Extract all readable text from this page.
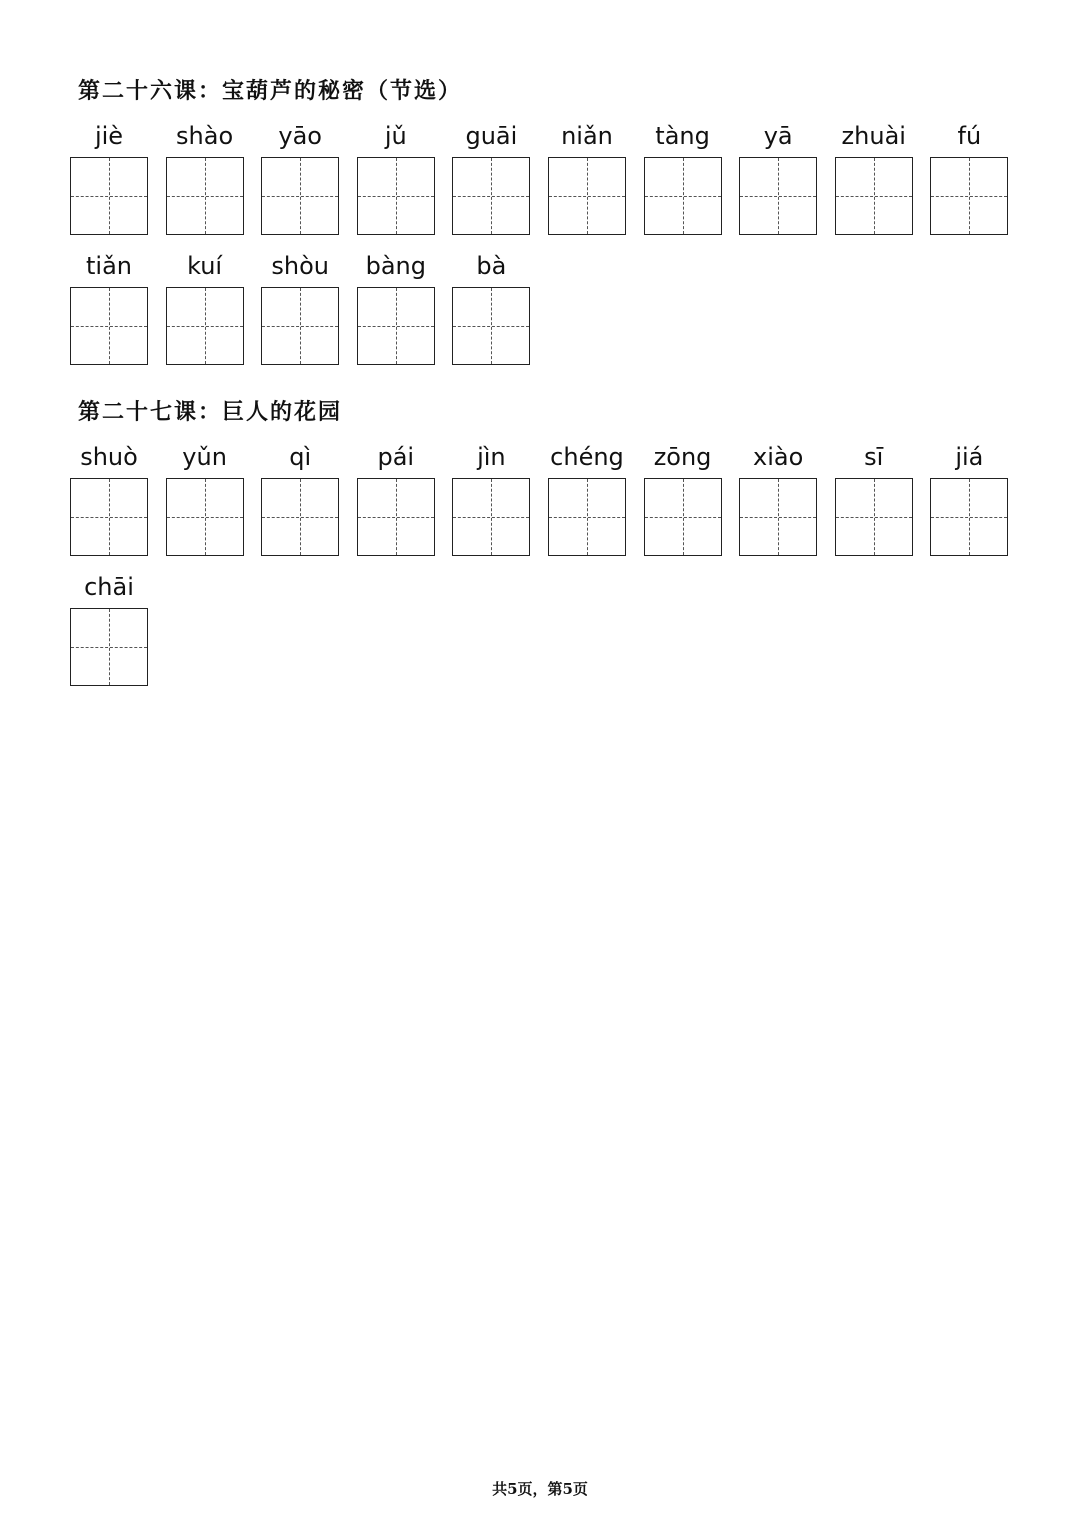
第二十六课：宝葫芦的秘密（节选）
jiè	shào	yāo	jǔ	guāi	niǎn	tàng	yā	zhuài	fú
tiǎn	kuí	shòu	bàng	bà
第二十七课：巨人的花园
shuò	yǔn	qì	pái	jìn	chéng	zōng	xiào	sī	jiá
chāi
共5页，第5页
